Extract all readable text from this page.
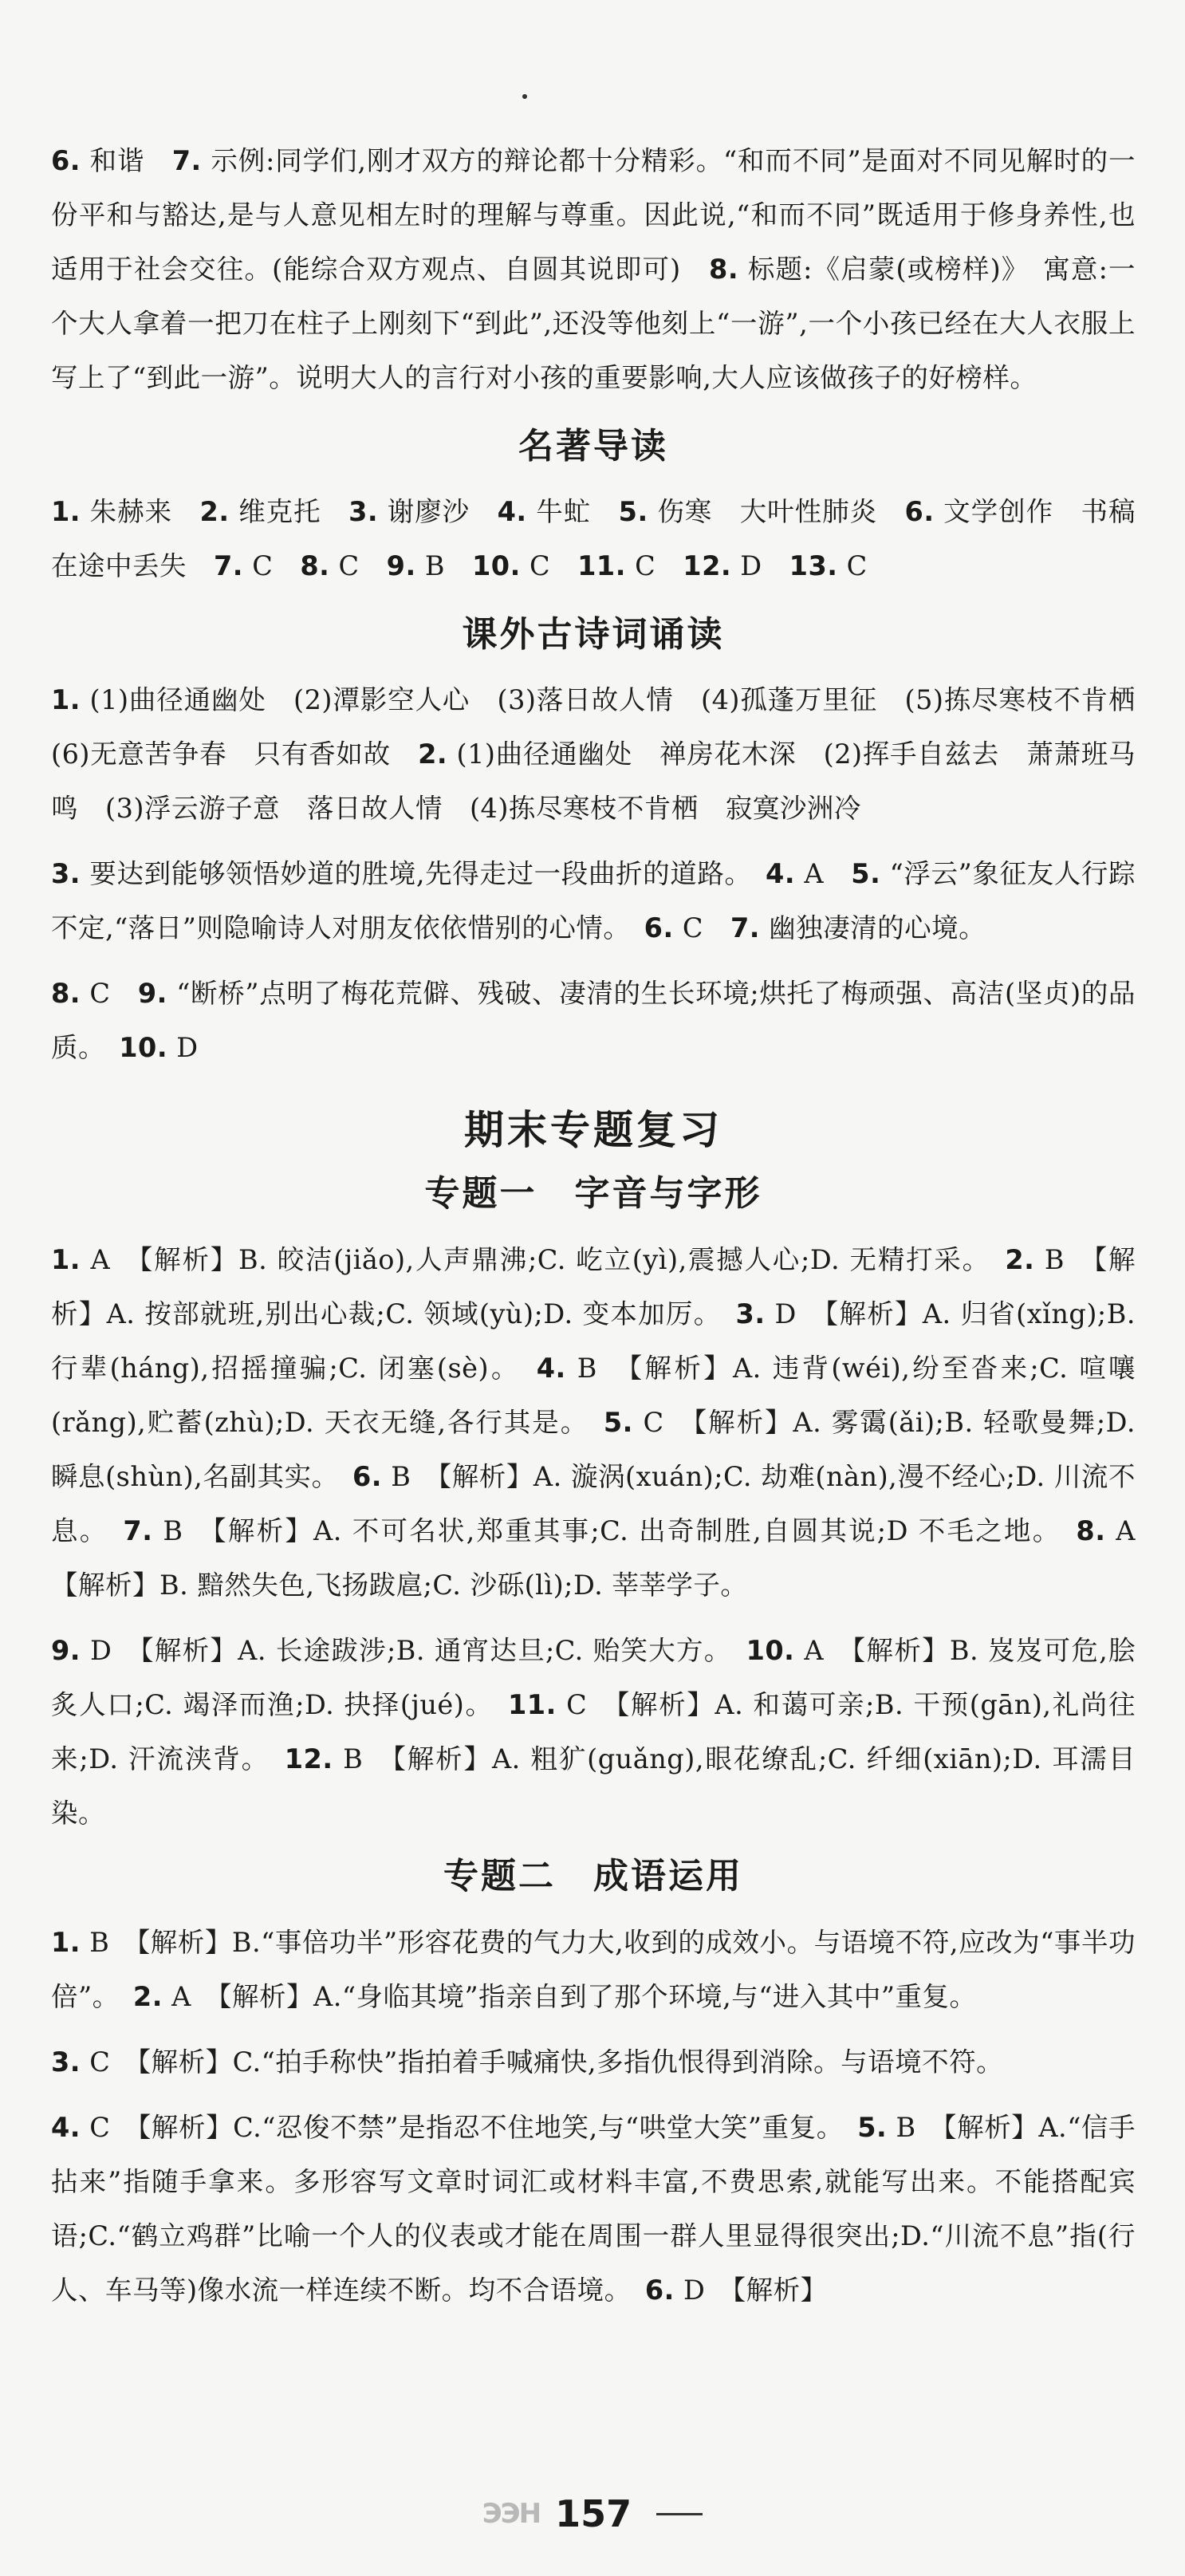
6. 和谐　7. 示例:同学们,刚才双方的辩论都十分精彩。“和而不同”是面对不同见解时的一份平和与豁达,是与人意见相左时的理解与尊重。因此说,“和而不同”既适用于修身养性,也适用于社会交往。(能综合双方观点、自圆其说即可)　8. 标题:《启蒙(或榜样)》　寓意:一个大人拿着一把刀在柱子上刚刻下“到此”,还没等他刻上“一游”,一个小孩已经在大人衣服上写上了“到此一游”。说明大人的言行对小孩的重要影响,大人应该做孩子的好榜样。

名著导读

1. 朱赫来　2. 维克托　3. 谢廖沙　4. 牛虻　5. 伤寒　大叶性肺炎　6. 文学创作　书稿在途中丢失　7. C　8. C　9. B　10. C　11. C　12. D　13. C

课外古诗词诵读

1. (1)曲径通幽处　(2)潭影空人心　(3)落日故人情　(4)孤蓬万里征　(5)拣尽寒枝不肯栖　(6)无意苦争春　只有香如故　2. (1)曲径通幽处　禅房花木深　(2)挥手自兹去　萧萧班马鸣　(3)浮云游子意　落日故人情　(4)拣尽寒枝不肯栖　寂寞沙洲冷

3. 要达到能够领悟妙道的胜境,先得走过一段曲折的道路。　4. A　5. “浮云”象征友人行踪不定,“落日”则隐喻诗人对朋友依依惜别的心情。　6. C　7. 幽独凄清的心境。

8. C　9. “断桥”点明了梅花荒僻、残破、凄清的生长环境;烘托了梅顽强、高洁(坚贞)的品质。　10. D

期末专题复习
专题一　字音与字形

1. A　【解析】B. 皎洁(jiǎo),人声鼎沸;C. 屹立(yì),震撼人心;D. 无精打采。　2. B　【解析】A. 按部就班,别出心裁;C. 领域(yù);D. 变本加厉。　3. D　【解析】A. 归省(xǐng);B. 行辈(háng),招摇撞骗;C. 闭塞(sè)。　4. B　【解析】A. 违背(wéi),纷至沓来;C. 喧嚷(rǎng),贮蓄(zhù);D. 天衣无缝,各行其是。　5. C　【解析】A. 雾霭(ǎi);B. 轻歌曼舞;D. 瞬息(shùn),名副其实。　6. B　【解析】A. 漩涡(xuán);C. 劫难(nàn),漫不经心;D. 川流不息。　7. B　【解析】A. 不可名状,郑重其事;C. 出奇制胜,自圆其说;D 不毛之地。　8. A　【解析】B. 黯然失色,飞扬跋扈;C. 沙砾(lì);D. 莘莘学子。

9. D　【解析】A. 长途跋涉;B. 通宵达旦;C. 贻笑大方。　10. A　【解析】B. 岌岌可危,脍炙人口;C. 竭泽而渔;D. 抉择(jué)。　11. C　【解析】A. 和蔼可亲;B. 干预(gān),礼尚往来;D. 汗流浃背。　12. B　【解析】A. 粗犷(guǎng),眼花缭乱;C. 纤细(xiān);D. 耳濡目染。

专题二　成语运用

1. B　【解析】B.“事倍功半”形容花费的气力大,收到的成效小。与语境不符,应改为“事半功倍”。　2. A　【解析】A.“身临其境”指亲自到了那个环境,与“进入其中”重复。

3. C　【解析】C.“拍手称快”指拍着手喊痛快,多指仇恨得到消除。与语境不符。

4. C　【解析】C.“忍俊不禁”是指忍不住地笑,与“哄堂大笑”重复。　5. B　【解析】A.“信手拈来”指随手拿来。多形容写文章时词汇或材料丰富,不费思索,就能写出来。不能搭配宾语;C.“鹤立鸡群”比喻一个人的仪表或才能在周围一群人里显得很突出;D.“川流不息”指(行人、车马等)像水流一样连续不断。均不合语境。　6. D　【解析】

ЭЭН 157
